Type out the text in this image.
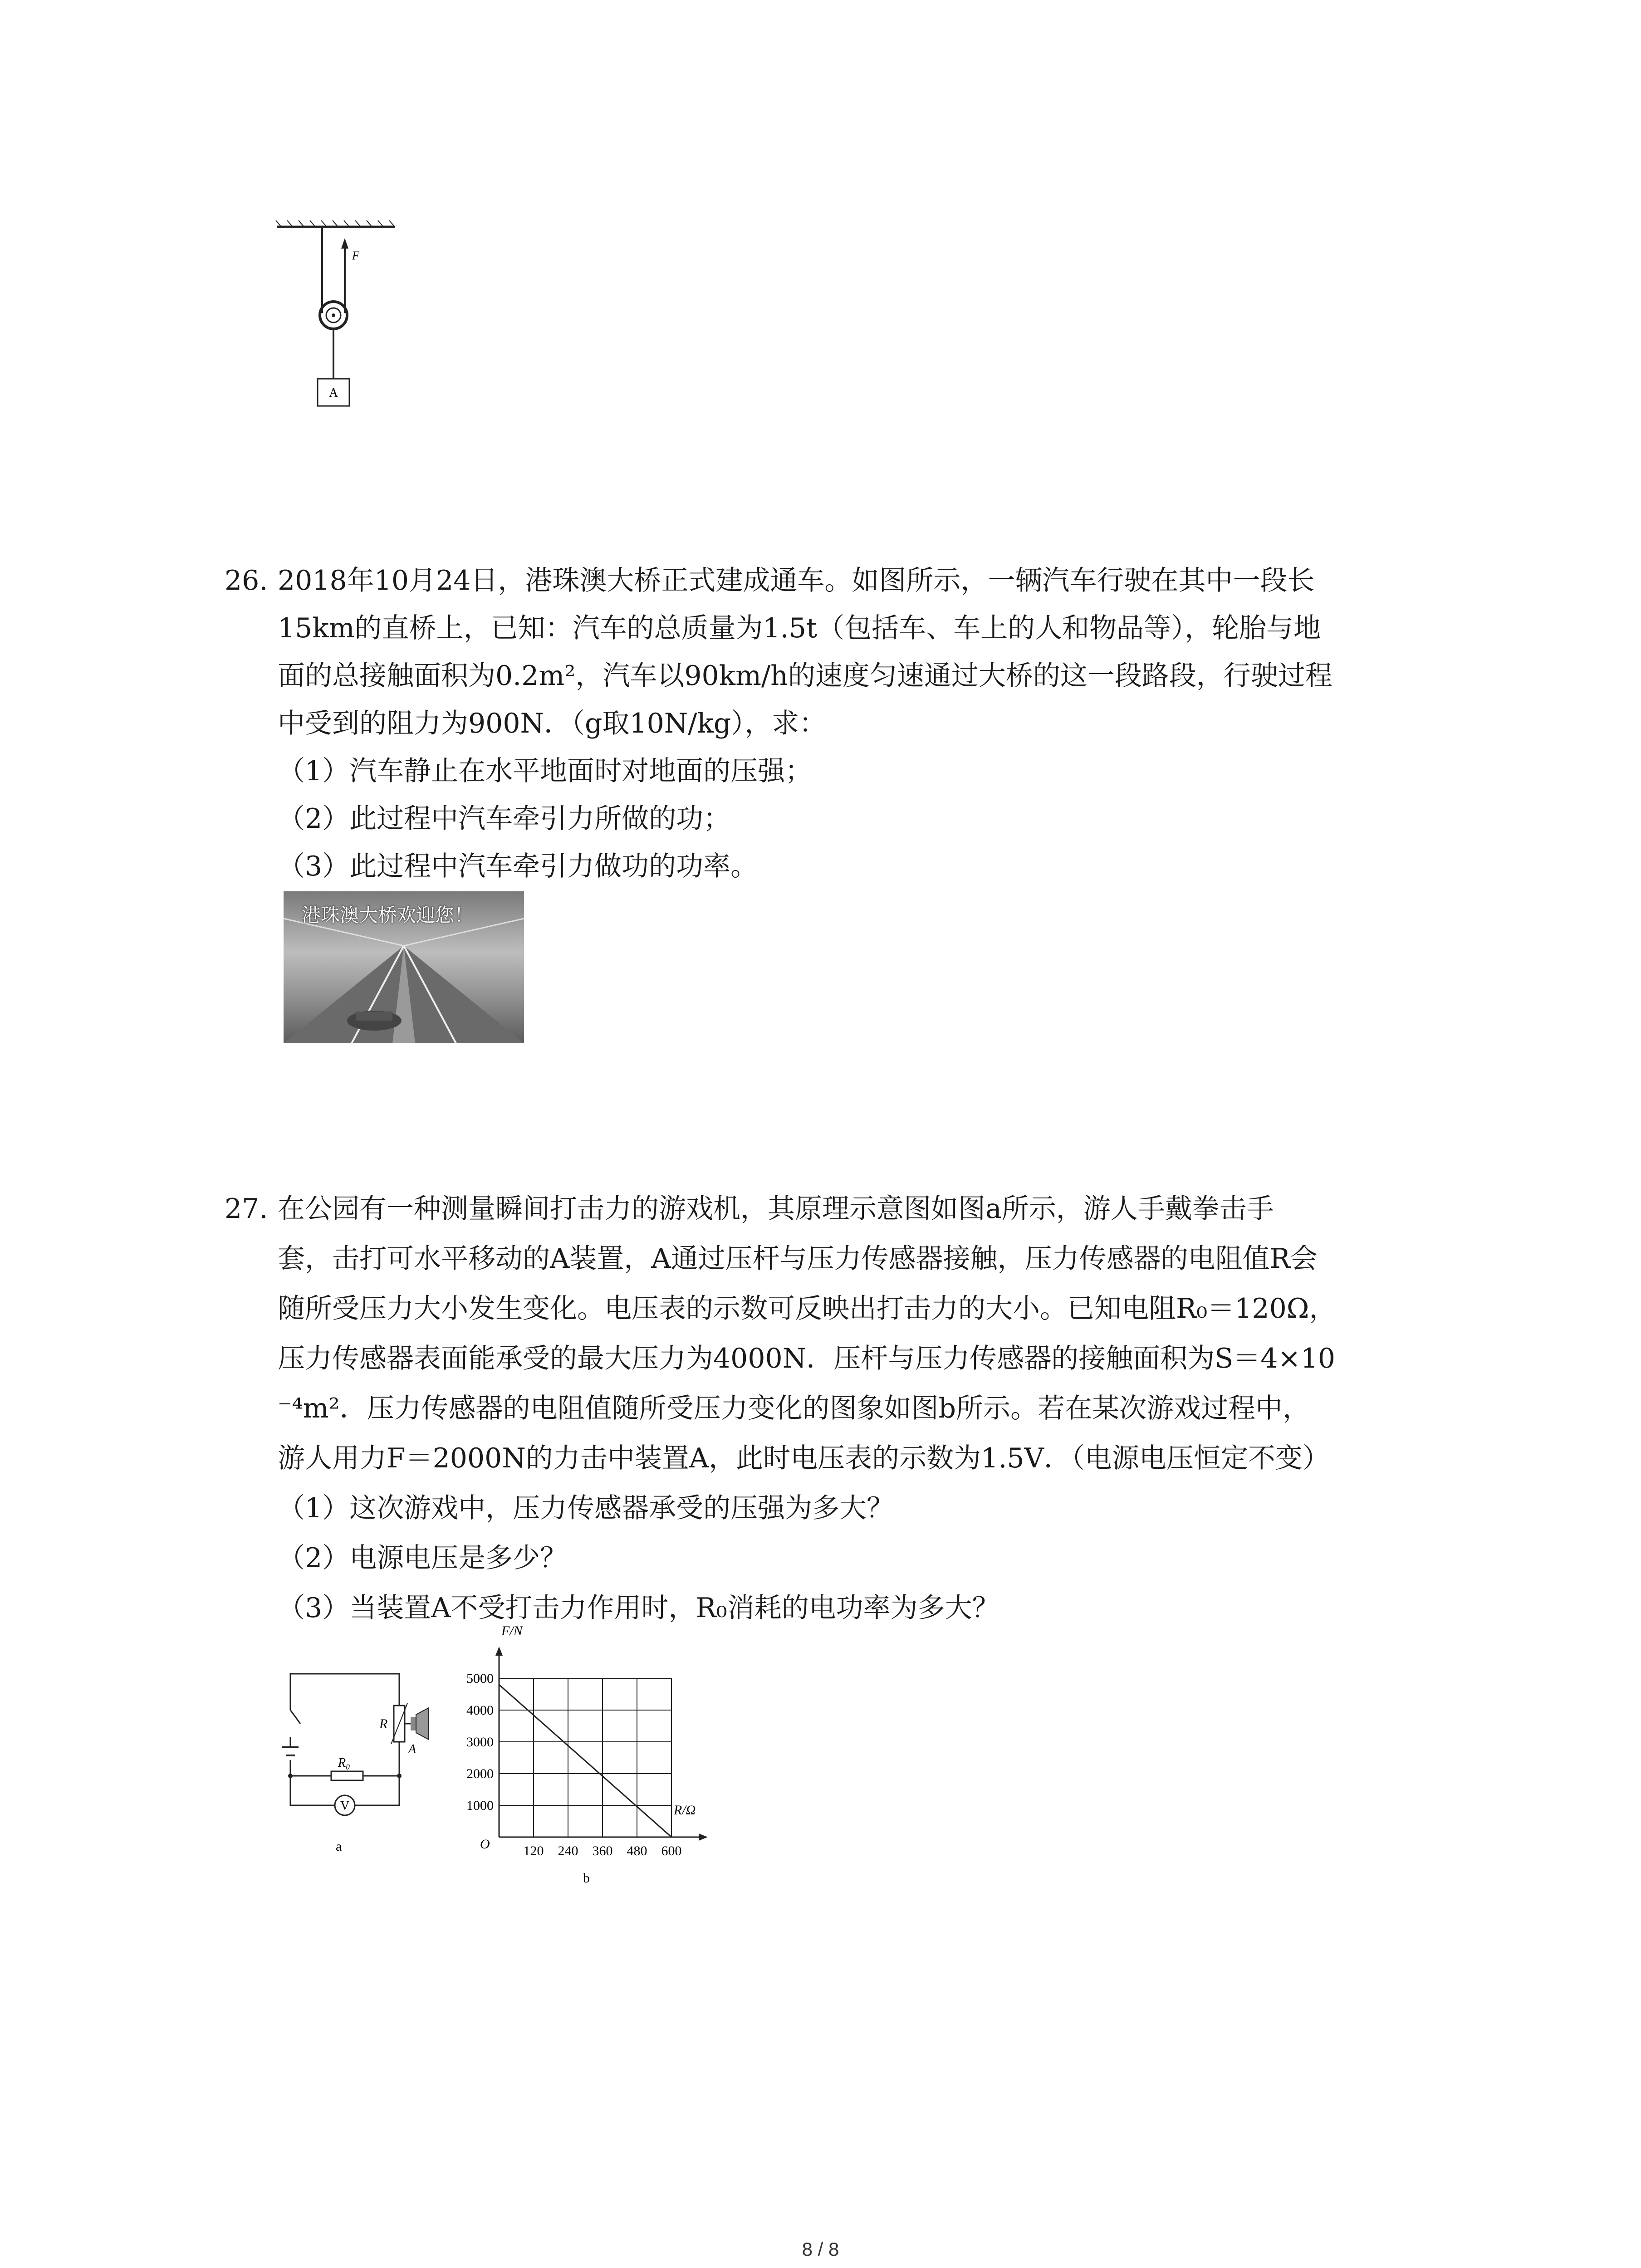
F
A
26. 2018年10月24日，港珠澳大桥正式建成通车。如图所示，一辆汽车行驶在其中一段长
15km的直桥上，已知：汽车的总质量为1.5t（包括车、车上的人和物品等），轮胎与地
面的总接触面积为0.2m²，汽车以90km/h的速度匀速通过大桥的这一段路段，行驶过程
中受到的阻力为900N．（g取10N/kg），求：
（1）汽车静止在水平地面时对地面的压强；
（2）此过程中汽车牵引力所做的功；
（3）此过程中汽车牵引力做功的功率。
港珠澳大桥欢迎您！
27. 在公园有一种测量瞬间打击力的游戏机，其原理示意图如图a所示，游人手戴拳击手
套，击打可水平移动的A装置，A通过压杆与压力传感器接触，压力传感器的电阻值R会
随所受压力大小发生变化。电压表的示数可反映出打击力的大小。已知电阻R₀＝120Ω，
压力传感器表面能承受的最大压力为4000N．压杆与压力传感器的接触面积为S＝4×10
⁻⁴m²．压力传感器的电阻值随所受压力变化的图象如图b所示。若在某次游戏过程中，
游人用力F＝2000N的力击中装置A，此时电压表的示数为1.5V．（电源电压恒定不变）
（1）这次游戏中，压力传感器承受的压强为多大？
（2）电源电压是多少？
（3）当装置A不受打击力作用时，R₀消耗的电功率为多大？
R₀
R
A
V
a
F/N
R/Ω
O
b
5000
4000
3000
2000
1000
120 240 360 480 600
8 / 8
